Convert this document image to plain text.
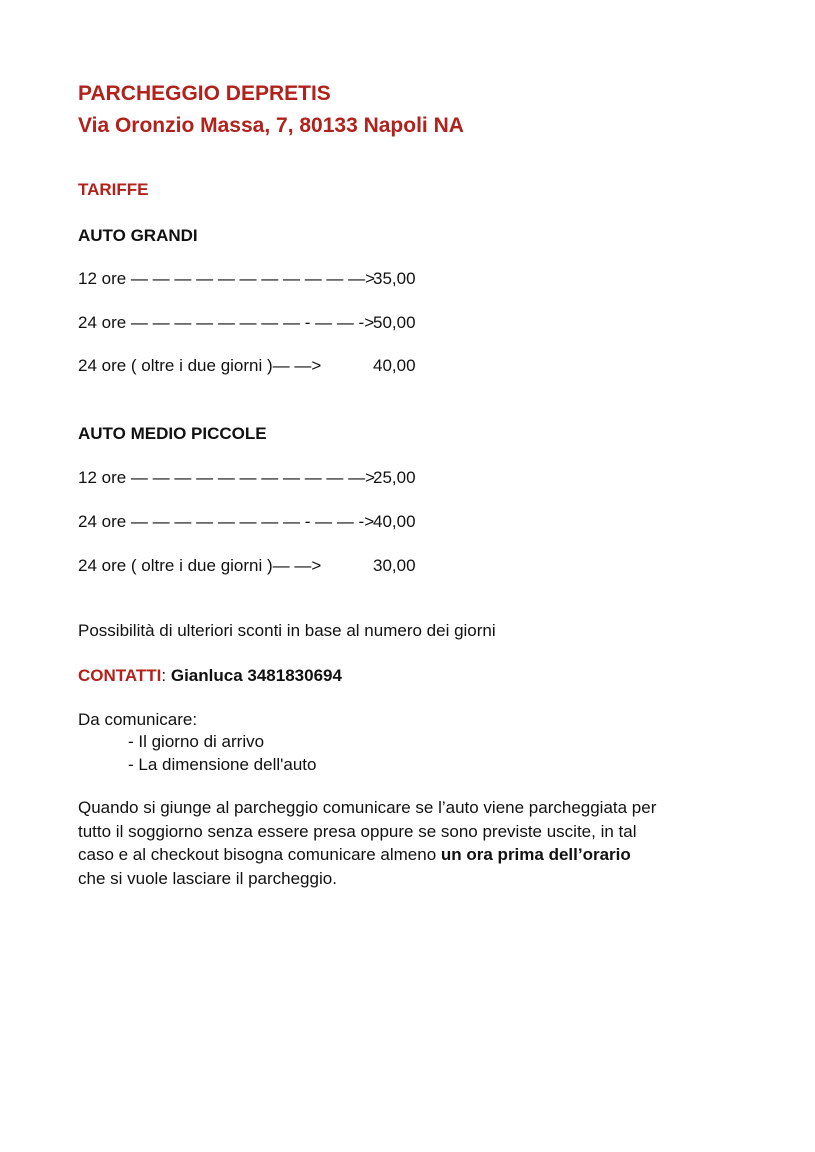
PARCHEGGIO DEPRETIS
Via Oronzio Massa, 7, 80133 Napoli NA
TARIFFE
AUTO GRANDI
12 ore — — — — — — — — — — —>
35,00
24 ore — — — — — — — — - — — ->
50,00
24 ore ( oltre i due giorni )— —>	40,00
AUTO MEDIO PICCOLE
12 ore — — — — — — — — — — —>
25,00
24 ore — — — — — — — — - — — ->
40,00
24 ore ( oltre i due giorni )— —>	30,00
Possibilità di ulteriori sconti in base al numero dei giorni
CONTATTI: Gianluca 3481830694
Da comunicare:
- Il giorno di arrivo
- La dimensione dell'auto
Quando si giunge al parcheggio comunicare se l’auto viene parcheggiata per
tutto il soggiorno senza essere presa oppure se sono previste uscite, in tal
caso e al checkout bisogna comunicare almeno un ora prima dell’orario
che si vuole lasciare il parcheggio.
